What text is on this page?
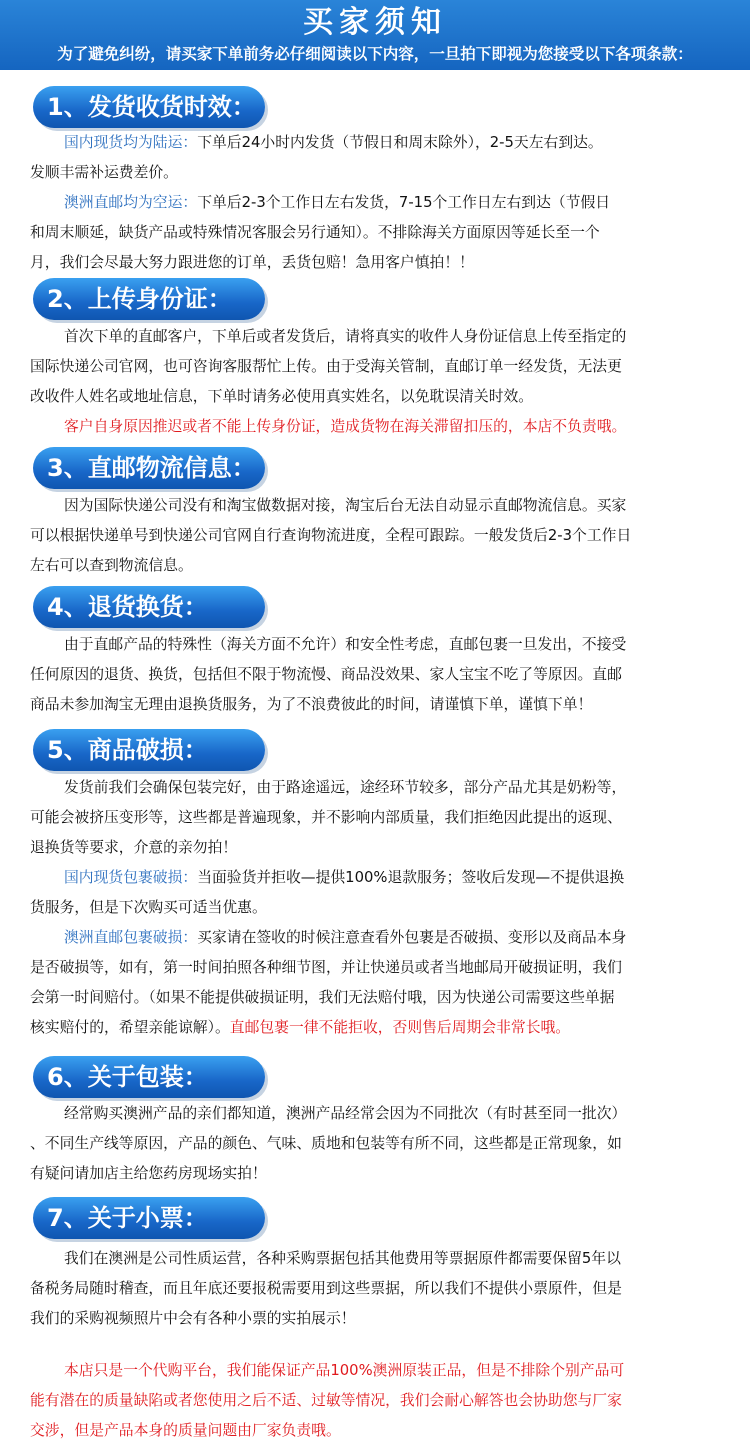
买家须知
为了避免纠纷，请买家下单前务必仔细阅读以下内容，一旦拍下即视为您接受以下各项条款：
1、发货收货时效：
国内现货均为陆运：下单后24小时内发货（节假日和周末除外），2-5天左右到达。
发顺丰需补运费差价。
澳洲直邮均为空运：下单后2-3个工作日左右发货，7-15个工作日左右到达（节假日
和周末顺延，缺货产品或特殊情况客服会另行通知）。不排除海关方面原因等延长至一个
月，我们会尽最大努力跟进您的订单，丢货包赔！急用客户慎拍！！
2、上传身份证：
首次下单的直邮客户，下单后或者发货后，请将真实的收件人身份证信息上传至指定的
国际快递公司官网，也可咨询客服帮忙上传。由于受海关管制，直邮订单一经发货，无法更
改收件人姓名或地址信息，下单时请务必使用真实姓名，以免耽误清关时效。
客户自身原因推迟或者不能上传身份证，造成货物在海关滞留扣压的，本店不负责哦。
3、直邮物流信息：
因为国际快递公司没有和淘宝做数据对接，淘宝后台无法自动显示直邮物流信息。买家
可以根据快递单号到快递公司官网自行查询物流进度，全程可跟踪。一般发货后2-3个工作日
左右可以查到物流信息。
4、退货换货：
由于直邮产品的特殊性（海关方面不允许）和安全性考虑，直邮包裹一旦发出，不接受
任何原因的退货、换货，包括但不限于物流慢、商品没效果、家人宝宝不吃了等原因。直邮
商品未参加淘宝无理由退换货服务，为了不浪费彼此的时间，请谨慎下单，谨慎下单！
5、商品破损：
发货前我们会确保包装完好，由于路途遥远，途经环节较多，部分产品尤其是奶粉等，
可能会被挤压变形等，这些都是普遍现象，并不影响内部质量，我们拒绝因此提出的返现、
退换货等要求，介意的亲勿拍！
国内现货包裹破损：当面验货并拒收—提供100%退款服务；签收后发现—不提供退换
货服务，但是下次购买可适当优惠。
澳洲直邮包裹破损：买家请在签收的时候注意查看外包裹是否破损、变形以及商品本身
是否破损等，如有，第一时间拍照各种细节图，并让快递员或者当地邮局开破损证明，我们
会第一时间赔付。（如果不能提供破损证明，我们无法赔付哦，因为快递公司需要这些单据
核实赔付的，希望亲能谅解）。直邮包裹一律不能拒收，否则售后周期会非常长哦。
6、关于包装：
经常购买澳洲产品的亲们都知道，澳洲产品经常会因为不同批次（有时甚至同一批次）
、不同生产线等原因，产品的颜色、气味、质地和包装等有所不同，这些都是正常现象，如
有疑问请加店主给您药房现场实拍！
7、关于小票：
我们在澳洲是公司性质运营，各种采购票据包括其他费用等票据原件都需要保留5年以
备税务局随时稽查，而且年底还要报税需要用到这些票据，所以我们不提供小票原件，但是
我们的采购视频照片中会有各种小票的实拍展示！
本店只是一个代购平台，我们能保证产品100%澳洲原装正品，但是不排除个别产品可
能有潜在的质量缺陷或者您使用之后不适、过敏等情况，我们会耐心解答也会协助您与厂家
交涉，但是产品本身的质量问题由厂家负责哦。
